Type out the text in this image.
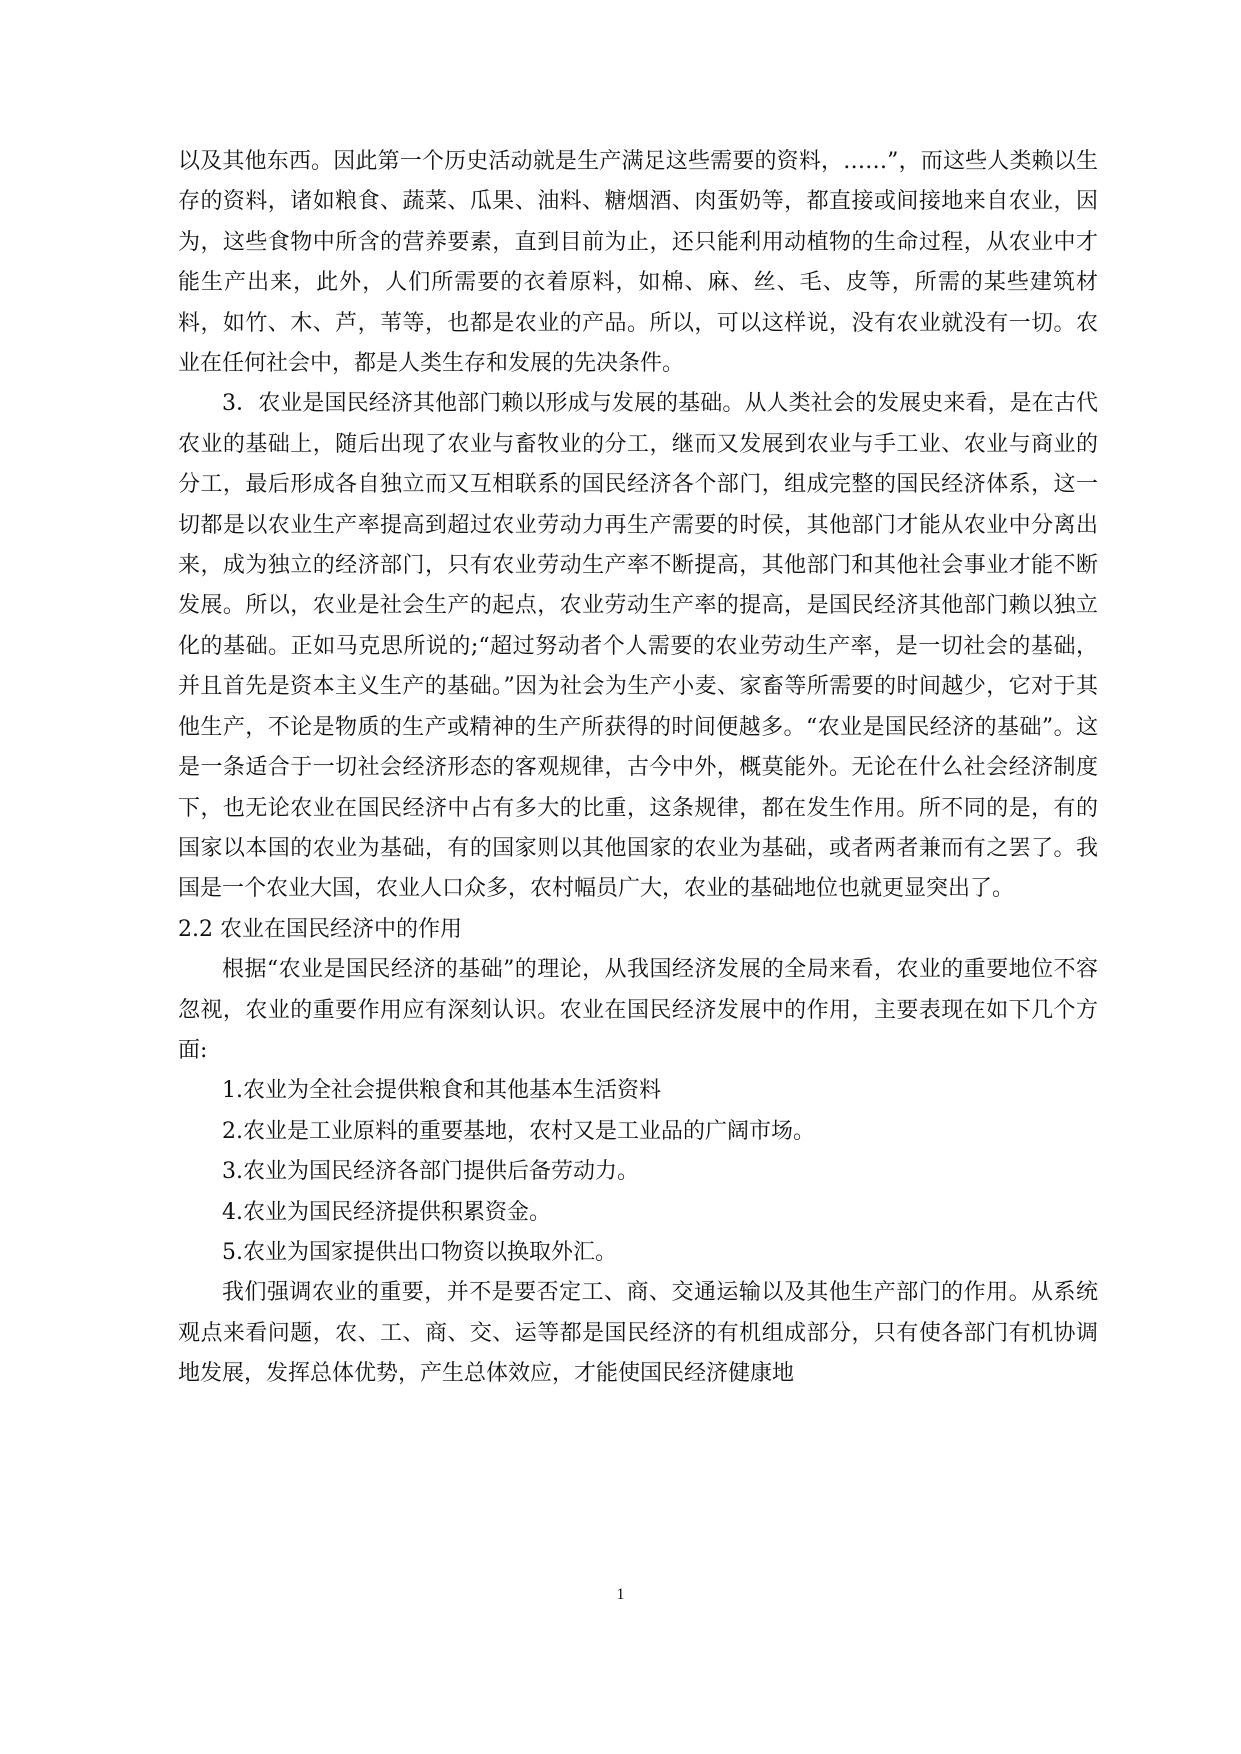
以及其他东西。因此第一个历史活动就是生产满足这些需要的资料，……”，而这些人类赖以生存的资料，诸如粮食、蔬菜、瓜果、油料、糖烟酒、肉蛋奶等，都直接或间接地来自农业，因为，这些食物中所含的营养要素，直到目前为止，还只能利用动植物的生命过程，从农业中才能生产出来，此外，人们所需要的衣着原料，如棉、麻、丝、毛、皮等，所需的某些建筑材料，如竹、木、芦，苇等，也都是农业的产品。所以，可以这样说，没有农业就没有一切。农业在任何社会中，都是人类生存和发展的先决条件。

3．农业是国民经济其他部门赖以形成与发展的基础。从人类社会的发展史来看，是在古代农业的基础上，随后出现了农业与畜牧业的分工，继而又发展到农业与手工业、农业与商业的分工，最后形成各自独立而又互相联系的国民经济各个部门，组成完整的国民经济体系，这一切都是以农业生产率提高到超过农业劳动力再生产需要的时侯，其他部门才能从农业中分离出来，成为独立的经济部门，只有农业劳动生产率不断提高，其他部门和其他社会事业才能不断发展。所以，农业是社会生产的起点，农业劳动生产率的提高，是国民经济其他部门赖以独立化的基础。正如马克思所说的;“超过努动者个人需要的农业劳动生产率，是一切社会的基础，并且首先是资本主义生产的基础。”因为社会为生产小麦、家畜等所需要的时间越少，它对于其他生产，不论是物质的生产或精神的生产所获得的时间便越多。“农业是国民经济的基础”。这是一条适合于一切社会经济形态的客观规律，古今中外，概莫能外。无论在什么社会经济制度下，也无论农业在国民经济中占有多大的比重，这条规律，都在发生作用。所不同的是，有的国家以本国的农业为基础，有的国家则以其他国家的农业为基础，或者两者兼而有之罢了。我国是一个农业大国，农业人口众多，农村幅员广大，农业的基础地位也就更显突出了。

2.2 农业在国民经济中的作用

根据“农业是国民经济的基础”的理论，从我国经济发展的全局来看，农业的重要地位不容忽视，农业的重要作用应有深刻认识。农业在国民经济发展中的作用，主要表现在如下几个方面:

1.农业为全社会提供粮食和其他基本生活资料

2.农业是工业原料的重要基地，农村又是工业品的广阔市场。

3.农业为国民经济各部门提供后备劳动力。

4.农业为国民经济提供积累资金。

5.农业为国家提供出口物资以换取外汇。

我们强调农业的重要，并不是要否定工、商、交通运输以及其他生产部门的作用。从系统观点来看问题，农、工、商、交、运等都是国民经济的有机组成部分，只有使各部门有机协调地发展，发挥总体优势，产生总体效应，才能使国民经济健康地

1
